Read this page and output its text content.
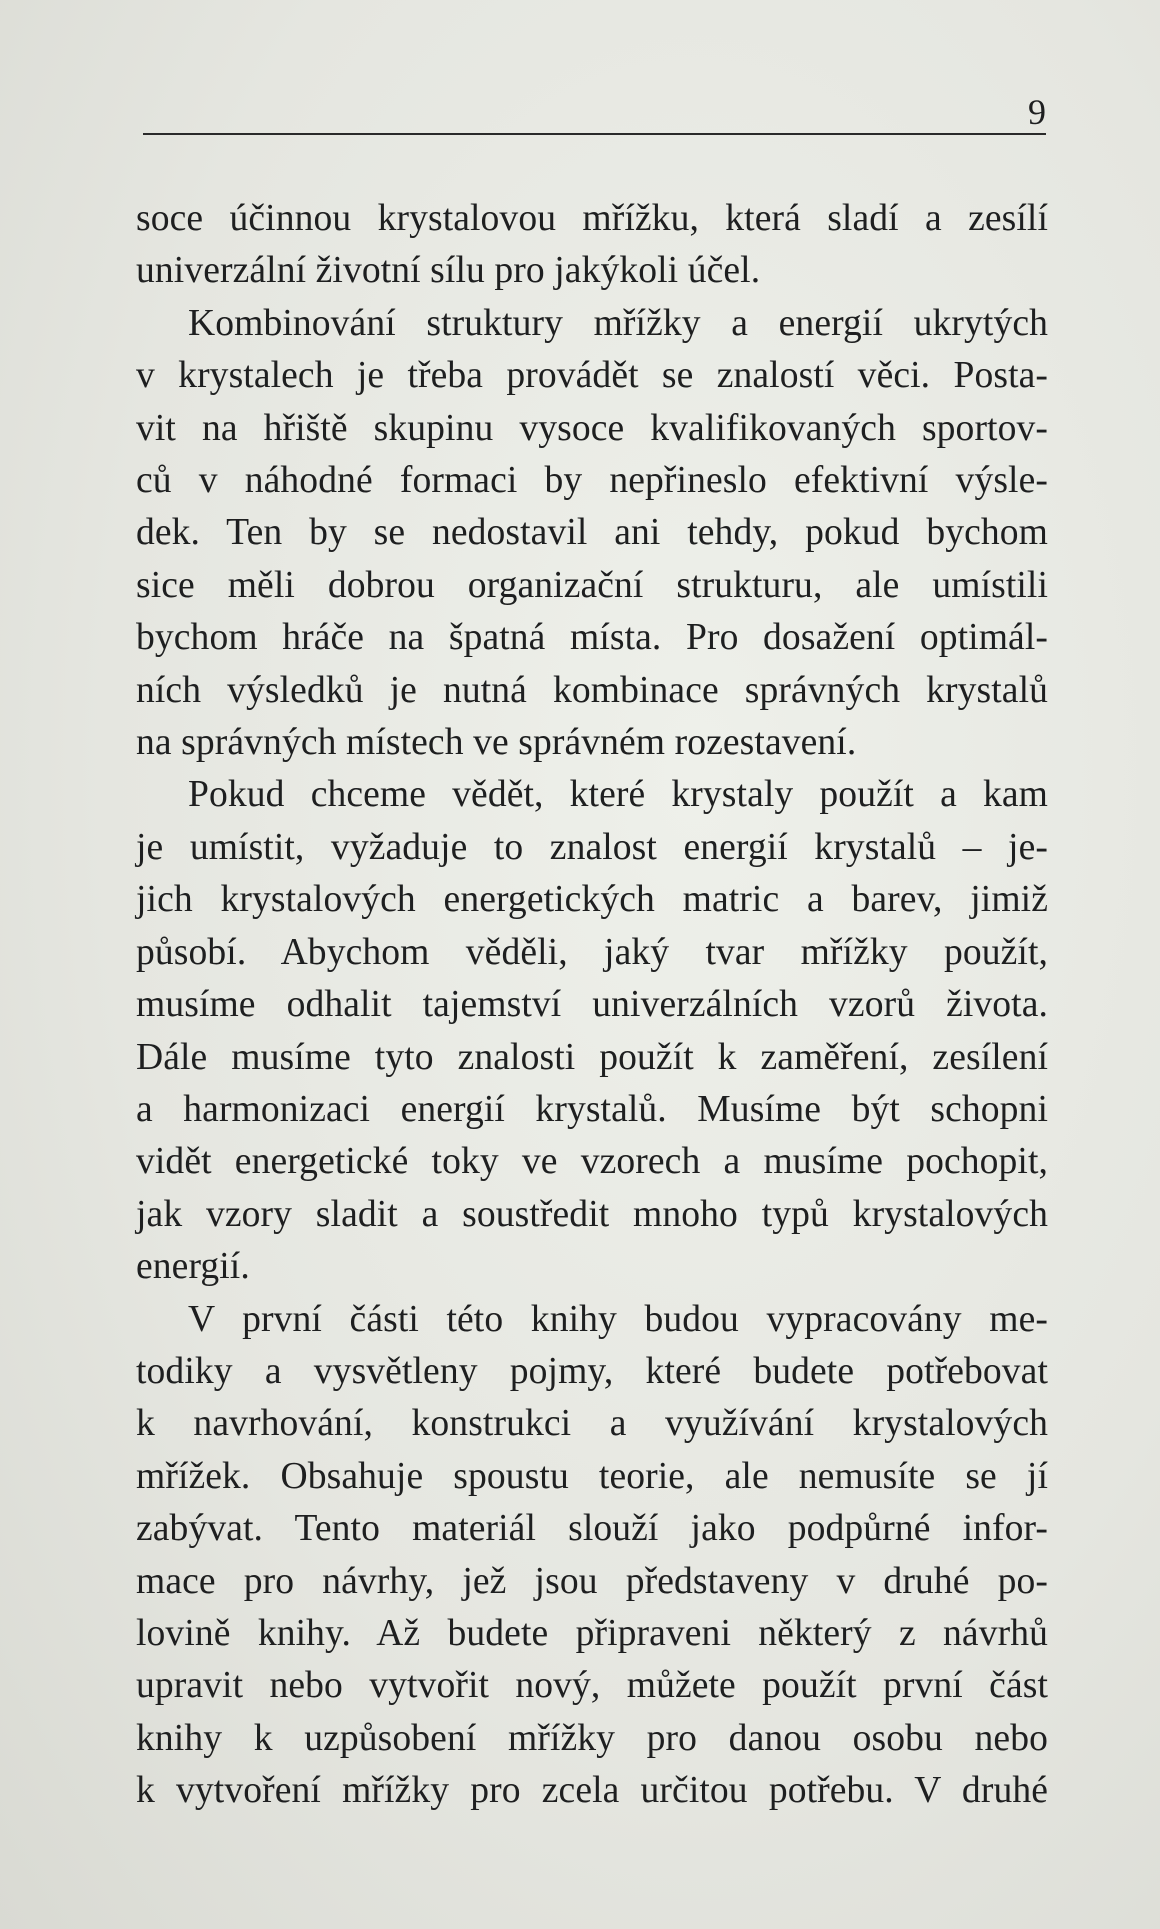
9
soce účinnou krystalovou mřížku, která sladí a zesílí
univerzální životní sílu pro jakýkoli účel.
Kombinování struktury mřížky a energií ukrytých
v krystalech je třeba provádět se znalostí věci. Posta-
vit na hřiště skupinu vysoce kvalifikovaných sportov-
ců v náhodné formaci by nepřineslo efektivní výsle-
dek. Ten by se nedostavil ani tehdy, pokud bychom
sice měli dobrou organizační strukturu, ale umístili
bychom hráče na špatná místa. Pro dosažení optimál-
ních výsledků je nutná kombinace správných krystalů
na správných místech ve správném rozestavení.
Pokud chceme vědět, které krystaly použít a kam
je umístit, vyžaduje to znalost energií krystalů – je-
jich krystalových energetických matric a barev, jimiž
působí. Abychom věděli, jaký tvar mřížky použít,
musíme odhalit tajemství univerzálních vzorů života.
Dále musíme tyto znalosti použít k zaměření, zesílení
a harmonizaci energií krystalů. Musíme být schopni
vidět energetické toky ve vzorech a musíme pochopit,
jak vzory sladit a soustředit mnoho typů krystalových
energií.
V první části této knihy budou vypracovány me-
todiky a vysvětleny pojmy, které budete potřebovat
k navrhování, konstrukci a využívání krystalových
mřížek. Obsahuje spoustu teorie, ale nemusíte se jí
zabývat. Tento materiál slouží jako podpůrné infor-
mace pro návrhy, jež jsou představeny v druhé po-
lovině knihy. Až budete připraveni některý z návrhů
upravit nebo vytvořit nový, můžete použít první část
knihy k uzpůsobení mřížky pro danou osobu nebo
k vytvoření mřížky pro zcela určitou potřebu. V druhé
